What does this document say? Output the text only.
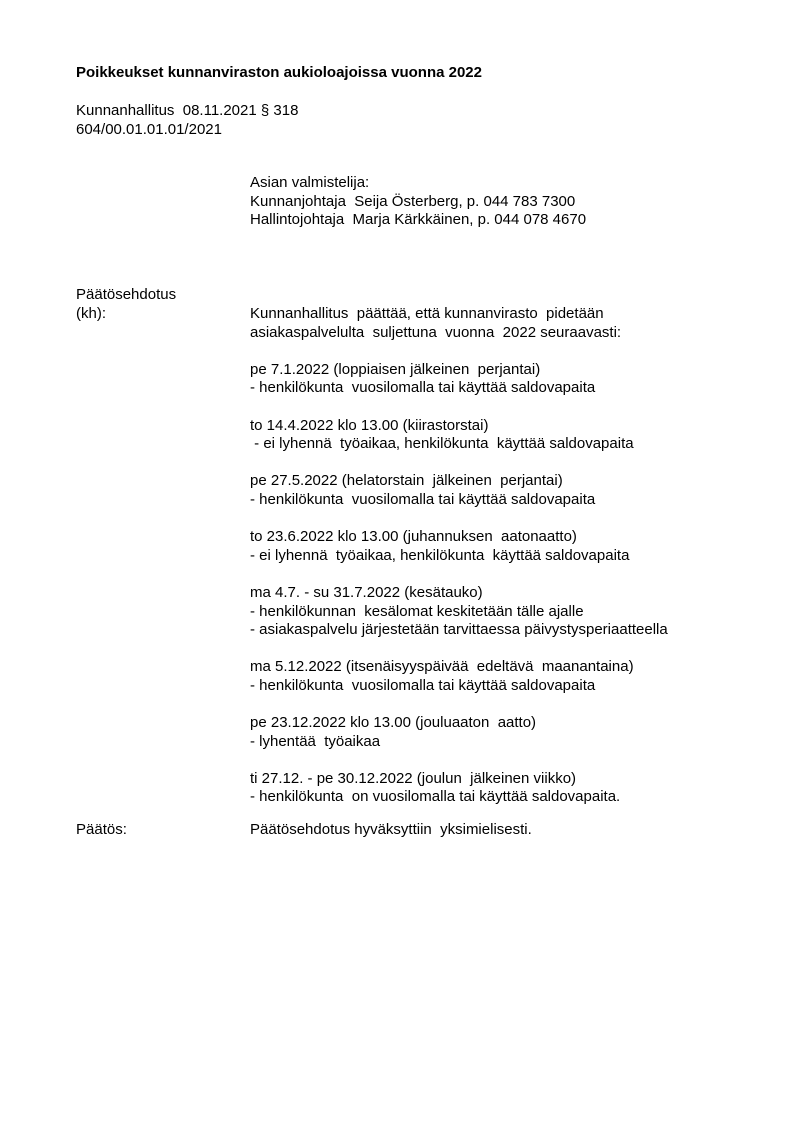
Poikkeukset kunnanviraston aukioloajoissa vuonna 2022
Kunnanhallitus  08.11.2021 § 318
604/00.01.01.01/2021
Asian valmistelija:
Kunnanjohtaja  Seija Österberg, p. 044 783 7300
Hallintojohtaja  Marja Kärkkäinen, p. 044 078 4670
Päätösehdotus
(kh):	Kunnanhallitus  päättää, että kunnanvirasto  pidetään
asiakaspalvelulta  suljettuna  vuonna  2022 seuraavasti:
pe 7.1.2022 (loppiaisen jälkeinen  perjantai)
- henkilökunta  vuosilomalla tai käyttää saldovapaita
to 14.4.2022 klo 13.00 (kiirastorstai)
- ei lyhennä  työaikaa, henkilökunta  käyttää saldovapaita
pe 27.5.2022 (helatorstain  jälkeinen  perjantai)
- henkilökunta  vuosilomalla tai käyttää saldovapaita
to 23.6.2022 klo 13.00 (juhannuksen  aatonaatto)
- ei lyhennä  työaikaa, henkilökunta  käyttää saldovapaita
ma 4.7. - su 31.7.2022 (kesätauko)
- henkilökunnan  kesälomat keskitetään tälle ajalle
- asiakaspalvelu järjestetään tarvittaessa päivystysperiaatteella
ma 5.12.2022 (itsenäisyyspäivää  edeltävä  maanantaina)
- henkilökunta  vuosilomalla tai käyttää saldovapaita
pe 23.12.2022 klo 13.00 (jouluaaton  aatto)
- lyhentää  työaikaa
ti 27.12. - pe 30.12.2022 (joulun  jälkeinen viikko)
- henkilökunta  on vuosilomalla tai käyttää saldovapaita.
Päätös:	Päätösehdotus hyväksyttiin  yksimielisesti.
